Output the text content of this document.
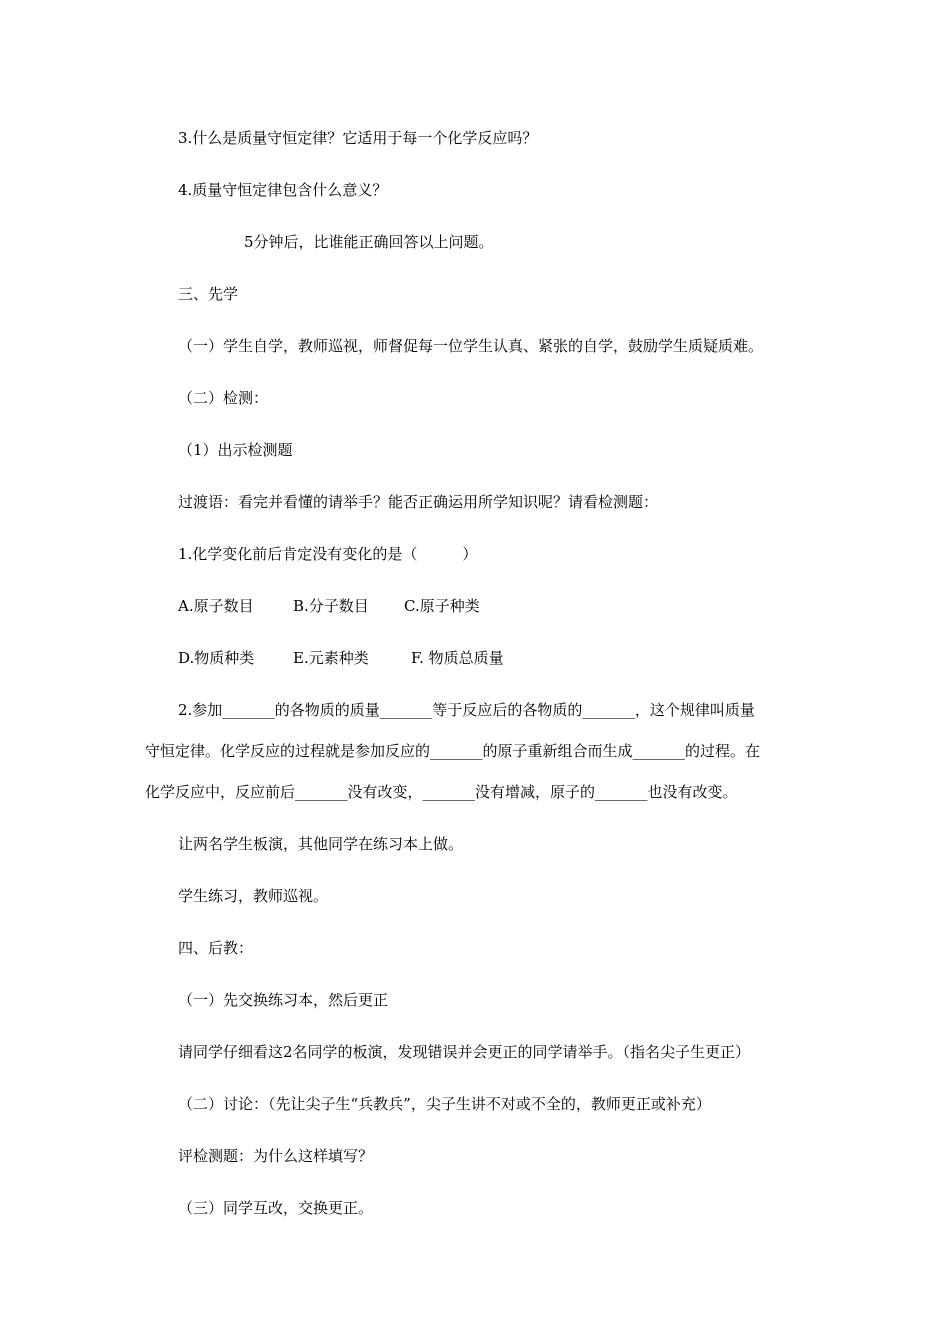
3.什么是质量守恒定律？它适用于每一个化学反应吗？

4.质量守恒定律包含什么意义？

5分钟后，比谁能正确回答以上问题。

三、先学

（一）学生自学，教师巡视，师督促每一位学生认真、紧张的自学，鼓励学生质疑质难。

（二）检测：

（1）出示检测题

过渡语：看完并看懂的请举手？能否正确运用所学知识呢？请看检测题：

1.化学变化前后肯定没有变化的是（　　　）

A.原子数目	B.分子数目 C.原子种类
D.物质种类	E.元素种类	F. 物质总质量

2.参加_______的各物质的质量_______等于反应后的各物质的_______，这个规律叫质量

守恒定律。化学反应的过程就是参加反应的_______的原子重新组合而生成_______的过程。在

化学反应中，反应前后_______没有改变，_______没有增减，原子的_______也没有改变。

让两名学生板演，其他同学在练习本上做。

学生练习，教师巡视。

四、后教：

（一）先交换练习本，然后更正

请同学仔细看这2名同学的板演，发现错误并会更正的同学请举手。（指名尖子生更正）

（二）讨论：（先让尖子生“兵教兵”，尖子生讲不对或不全的，教师更正或补充）

评检测题：为什么这样填写？

（三）同学互改，交换更正。
